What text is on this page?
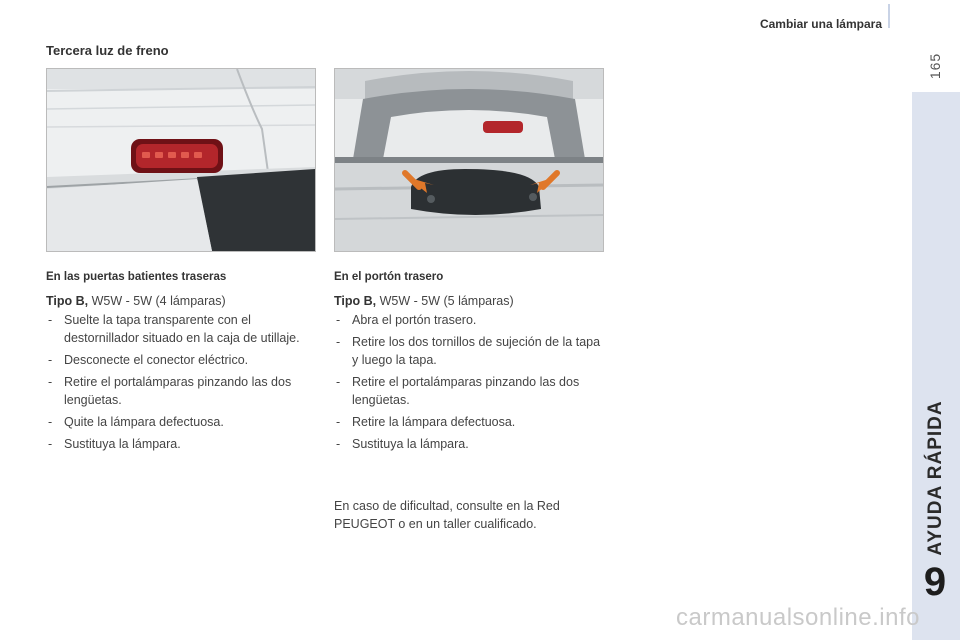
Cambiar una lámpara
165
AYUDA RÁPIDA
9
Tercera luz de freno
En las puertas batientes traseras
Tipo B, W5W - 5W (4 lámparas)
- Suelte la tapa transparente con el destornillador situado en la caja de utillaje.
- Desconecte el conector eléctrico.
- Retire el portalámparas pinzando las dos lengüetas.
- Quite la lámpara defectuosa.
- Sustituya la lámpara.
En el portón trasero
Tipo B, W5W - 5W (5 lámparas)
- Abra el portón trasero.
- Retire los dos tornillos de sujeción de la tapa y luego la tapa.
- Retire el portalámparas pinzando las dos lengüetas.
- Retire la lámpara defectuosa.
- Sustituya la lámpara.
En caso de dificultad, consulte en la Red PEUGEOT o en un taller cualificado.
carmanualsonline.info
